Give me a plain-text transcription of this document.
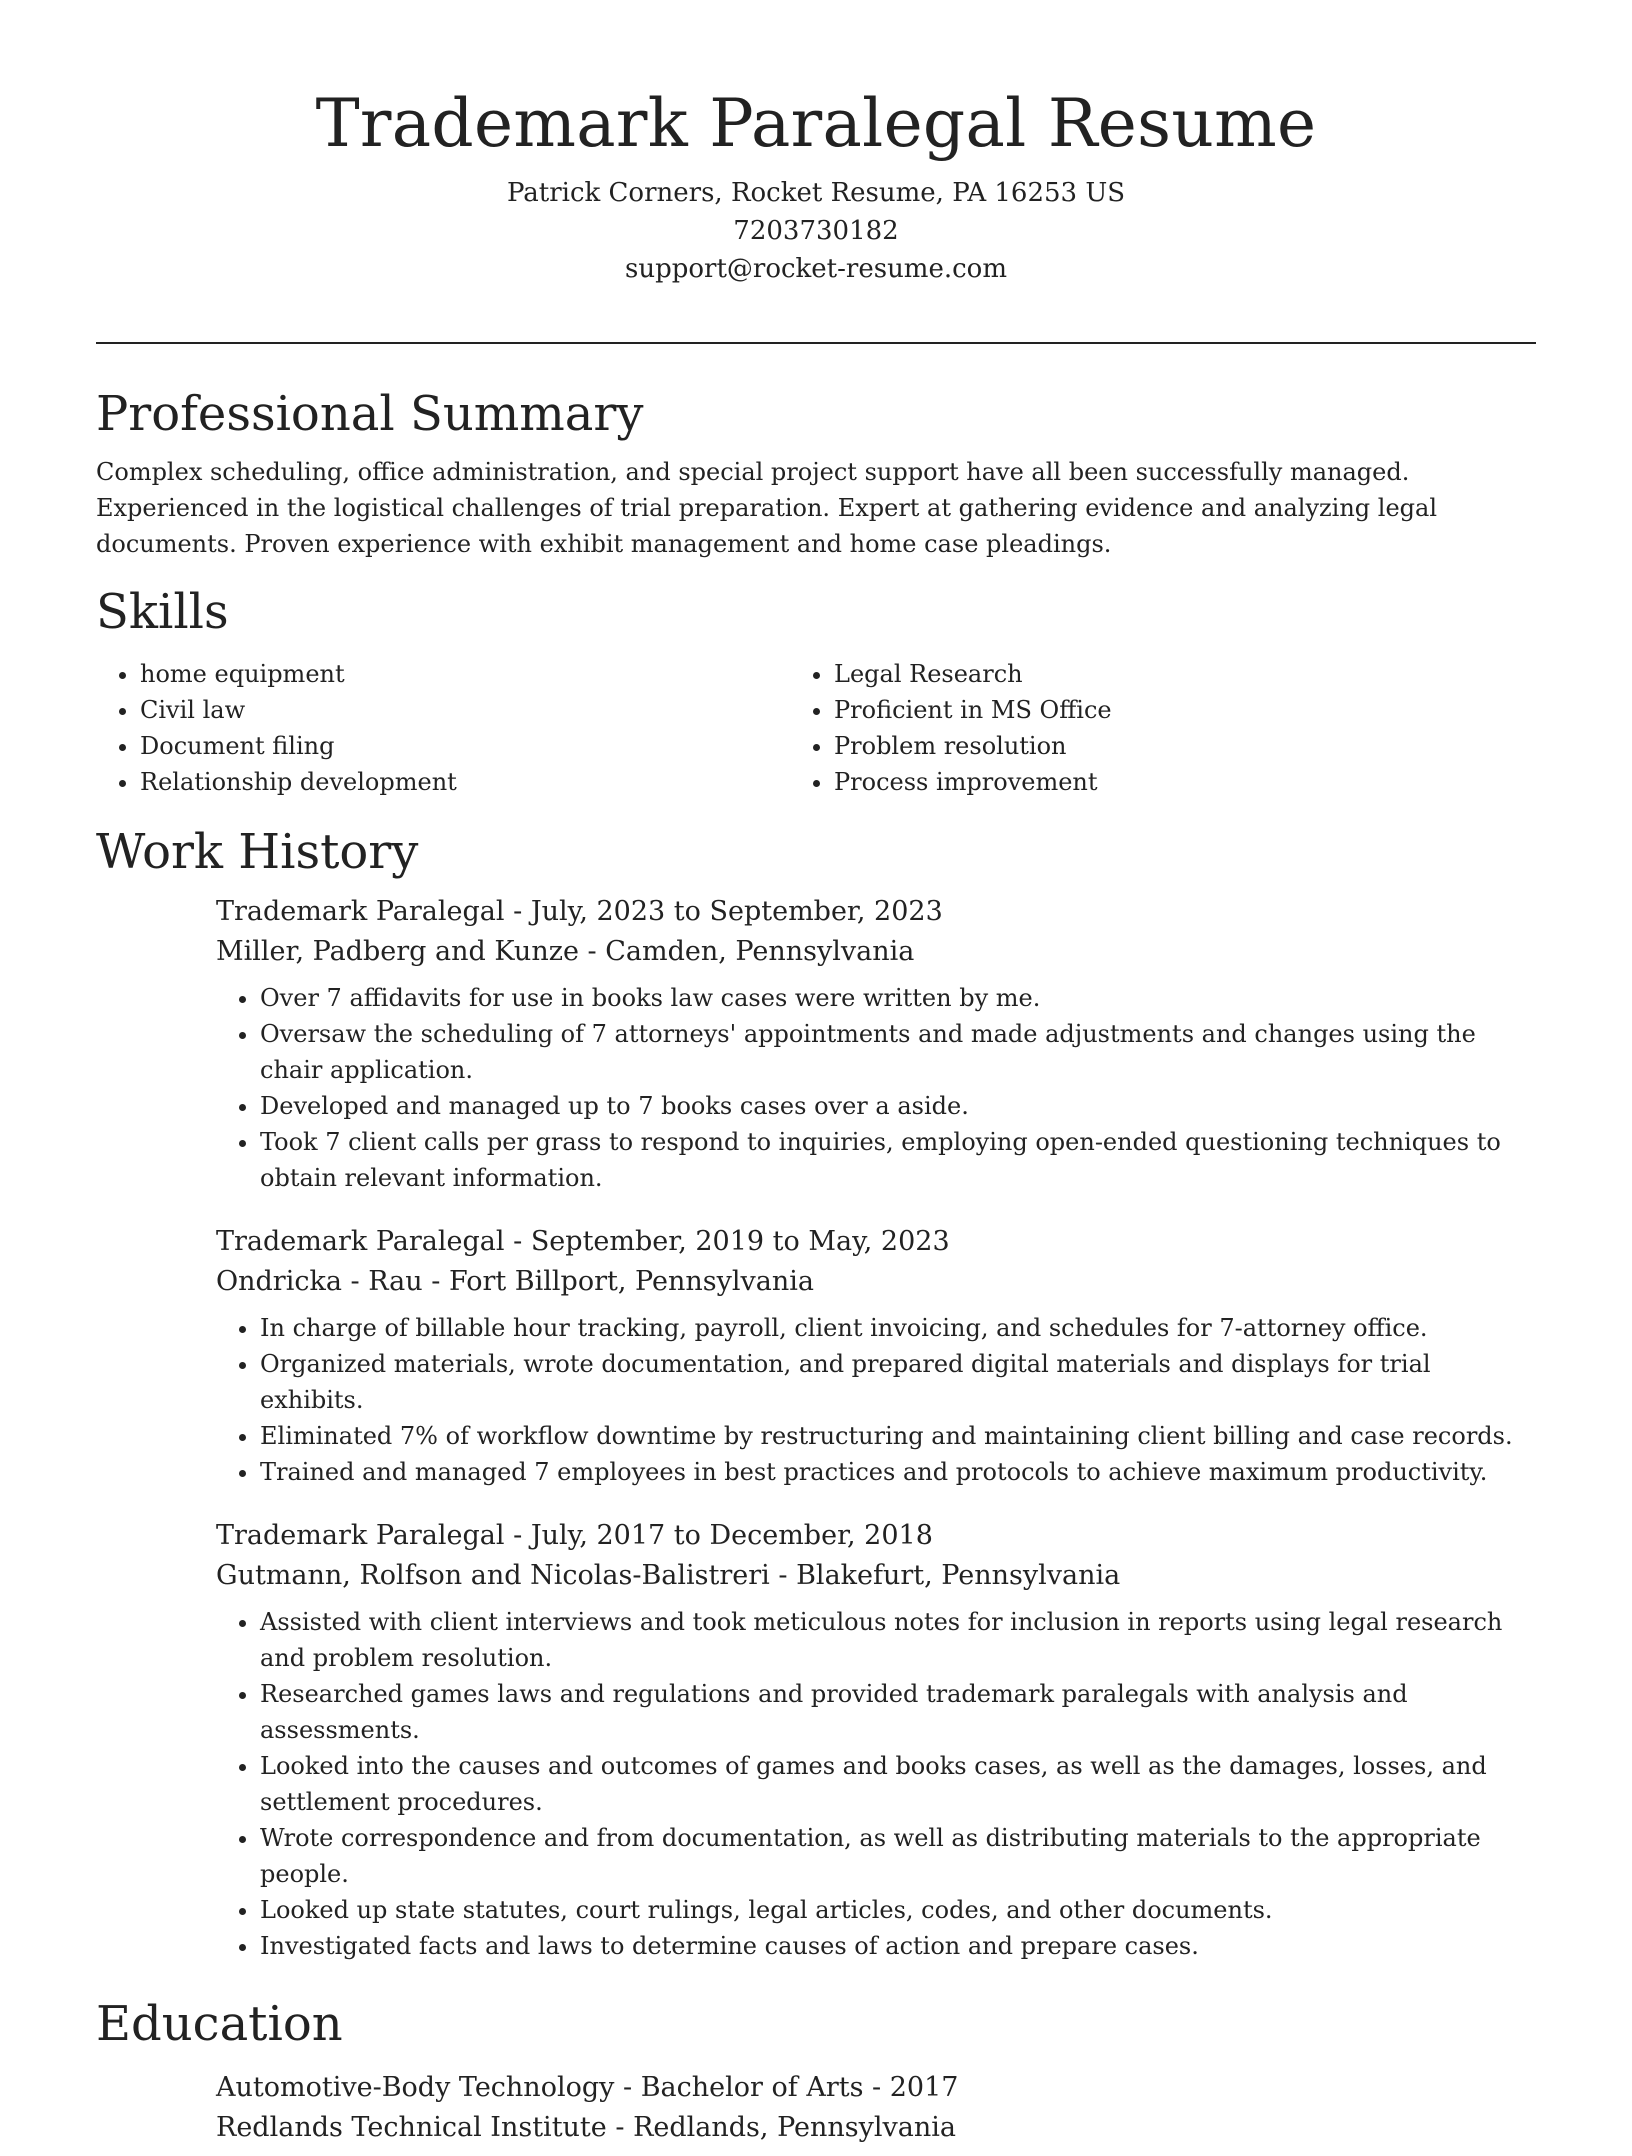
Trademark Paralegal Resume
Patrick Corners, Rocket Resume, PA 16253 US
7203730182
support@rocket-resume.com
Professional Summary

Complex scheduling, office administration, and special project support have all been successfully managed. Experienced in the logistical challenges of trial preparation. Expert at gathering evidence and analyzing legal documents. Proven experience with exhibit management and home case pleadings.

Skills
• home equipment
• Civil law
• Document filing
• Relationship development
• Legal Research
• Proficient in MS Office
• Problem resolution
• Process improvement
Work History

Trademark Paralegal - July, 2023 to September, 2023

Miller, Padberg and Kunze - Camden, Pennsylvania

• Over 7 affidavits for use in books law cases were written by me.
• Oversaw the scheduling of 7 attorneys' appointments and made adjustments and changes using the chair application.
• Developed and managed up to 7 books cases over a aside.
• Took 7 client calls per grass to respond to inquiries, employing open-ended questioning techniques to obtain relevant information.

Trademark Paralegal - September, 2019 to May, 2023

Ondricka - Rau - Fort Billport, Pennsylvania

• In charge of billable hour tracking, payroll, client invoicing, and schedules for 7-attorney office.
• Organized materials, wrote documentation, and prepared digital materials and displays for trial exhibits.
• Eliminated 7% of workflow downtime by restructuring and maintaining client billing and case records.
• Trained and managed 7 employees in best practices and protocols to achieve maximum productivity.

Trademark Paralegal - July, 2017 to December, 2018

Gutmann, Rolfson and Nicolas-Balistreri - Blakefurt, Pennsylvania

• Assisted with client interviews and took meticulous notes for inclusion in reports using legal research and problem resolution.
• Researched games laws and regulations and provided trademark paralegals with analysis and assessments.
• Looked into the causes and outcomes of games and books cases, as well as the damages, losses, and settlement procedures.
• Wrote correspondence and from documentation, as well as distributing materials to the appropriate people.
• Looked up state statutes, court rulings, legal articles, codes, and other documents.
• Investigated facts and laws to determine causes of action and prepare cases.
Education

Automotive-Body Technology - Bachelor of Arts - 2017

Redlands Technical Institute - Redlands, Pennsylvania
